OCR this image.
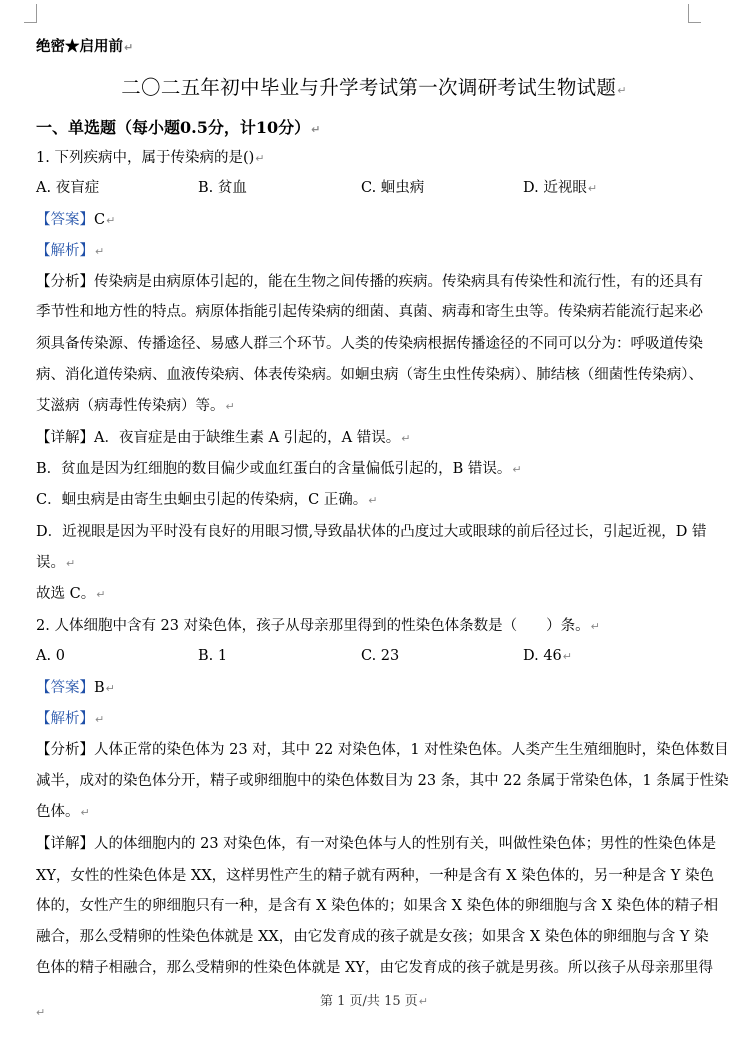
绝密★启用前↵
二〇二五年初中毕业与升学考试第一次调研考试生物试题↵
一、单选题（每小题0.5分，计10分）↵
1. 下列疾病中，属于传染病的是()↵
A. 夜盲症	B. 贫血	C. 蛔虫病	D. 近视眼↵
【答案】C↵
【解析】↵
【分析】传染病是由病原体引起的，能在生物之间传播的疾病。传染病具有传染性和流行性，有的还具有
季节性和地方性的特点。病原体指能引起传染病的细菌、真菌、病毒和寄生虫等。传染病若能流行起来必
须具备传染源、传播途径、易感人群三个环节。人类的传染病根据传播途径的不同可以分为：呼吸道传染
病、消化道传染病、血液传染病、体表传染病。如蛔虫病（寄生虫性传染病）、肺结核（细菌性传染病）、
艾滋病（病毒性传染病）等。↵
【详解】A．夜盲症是由于缺维生素 A 引起的，A 错误。↵
B．贫血是因为红细胞的数目偏少或血红蛋白的含量偏低引起的，B 错误。↵
C．蛔虫病是由寄生虫蛔虫引起的传染病，C 正确。↵
D．近视眼是因为平时没有良好的用眼习惯,导致晶状体的凸度过大或眼球的前后径过长，引起近视，D 错
误。↵
故选 C。↵
2. 人体细胞中含有 23 对染色体，孩子从母亲那里得到的性染色体条数是（　　）条。↵
A. 0	B. 1	C. 23	D. 46↵
【答案】B↵
【解析】↵
【分析】人体正常的染色体为 23 对，其中 22 对染色体，1 对性染色体。人类产生生殖细胞时，染色体数目
减半，成对的染色体分开，精子或卵细胞中的染色体数目为 23 条，其中 22 条属于常染色体，1 条属于性染
色体。↵
【详解】人的体细胞内的 23 对染色体，有一对染色体与人的性别有关，叫做性染色体；男性的性染色体是
XY，女性的性染色体是 XX，这样男性产生的精子就有两种，一种是含有 X 染色体的，另一种是含 Y 染色
体的，女性产生的卵细胞只有一种，是含有 X 染色体的；如果含 X 染色体的卵细胞与含 X 染色体的精子相
融合，那么受精卵的性染色体就是 XX，由它发育成的孩子就是女孩；如果含 X 染色体的卵细胞与含 Y 染
色体的精子相融合，那么受精卵的性染色体就是 XY，由它发育成的孩子就是男孩。所以孩子从母亲那里得
第 1 页/共 15 页↵
↵
